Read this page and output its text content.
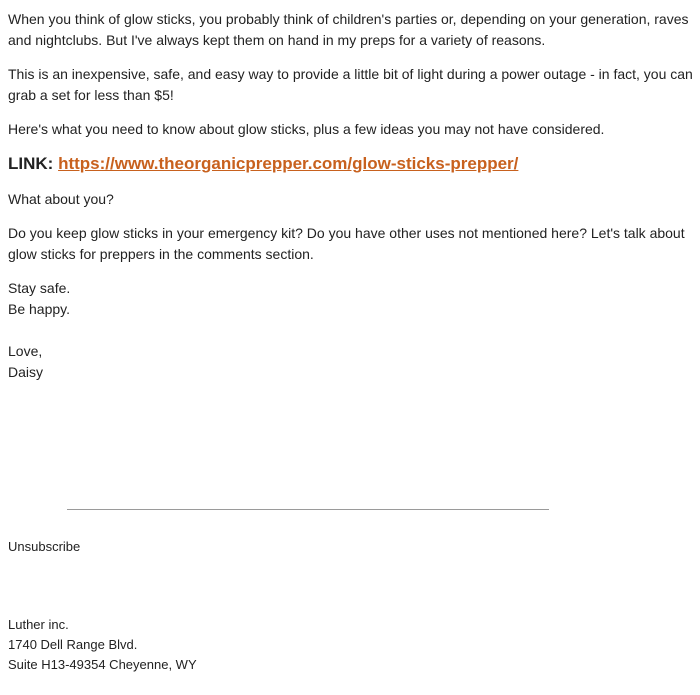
When you think of glow sticks, you probably think of children's parties or, depending on your generation, raves and nightclubs. But I've always kept them on hand in my preps for a variety of reasons.

This is an inexpensive, safe, and easy way to provide a little bit of light during a power outage - in fact, you can grab a set for less than $5!

Here's what you need to know about glow sticks, plus a few ideas you may not have considered.

LINK: https://www.theorganicprepper.com/glow-sticks-prepper/

What about you?

Do you keep glow sticks in your emergency kit? Do you have other uses not mentioned here? Let's talk about glow sticks for preppers in the comments section.

Stay safe.

Be happy.

Love,

Daisy

Unsubscribe
Luther inc.
1740 Dell Range Blvd.
Suite H13-49354 Cheyenne, WY
